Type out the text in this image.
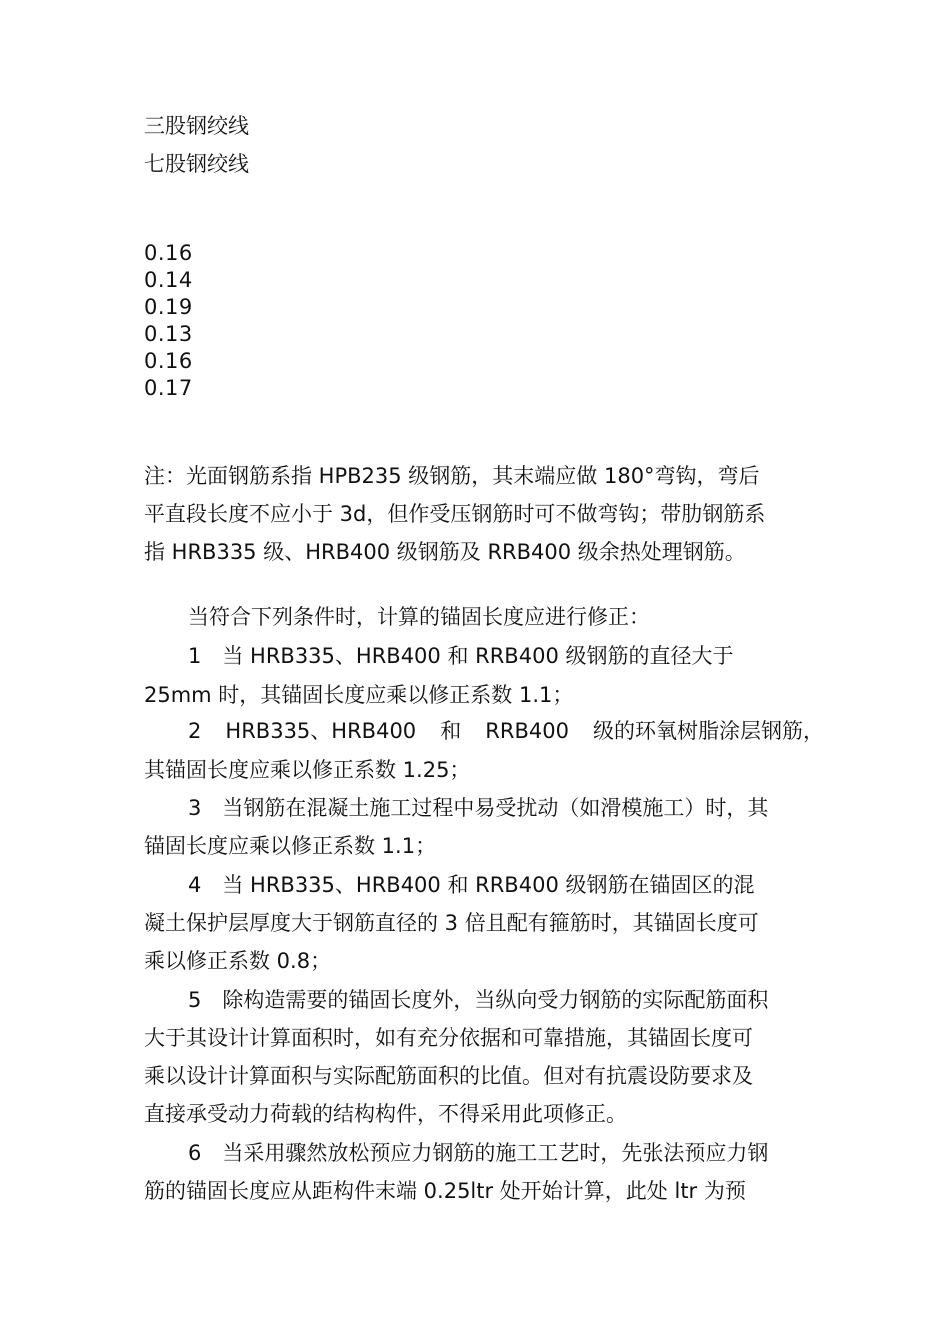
三股钢绞线
七股钢绞线
0.16
0.14
0.19
0.13
0.16
0.17
注：光面钢筋系指 HPB235 级钢筋，其末端应做 180°弯钩，弯后
平直段长度不应小于 3d，但作受压钢筋时可不做弯钩；带肋钢筋系
指 HRB335 级、HRB400 级钢筋及 RRB400 级余热处理钢筋。
当符合下列条件时，计算的锚固长度应进行修正：
1　当 HRB335、HRB400 和 RRB400 级钢筋的直径大于
25mm 时，其锚固长度应乘以修正系数 1.1；
2 HRB335、HRB400 和 RRB400 级的环氧树脂涂层钢筋，
其锚固长度应乘以修正系数 1.25；
3　当钢筋在混凝土施工过程中易受扰动（如滑模施工）时，其
锚固长度应乘以修正系数 1.1；
4　当 HRB335、HRB400 和 RRB400 级钢筋在锚固区的混
凝土保护层厚度大于钢筋直径的 3 倍且配有箍筋时，其锚固长度可
乘以修正系数 0.8；
5　除构造需要的锚固长度外，当纵向受力钢筋的实际配筋面积
大于其设计计算面积时，如有充分依据和可靠措施，其锚固长度可
乘以设计计算面积与实际配筋面积的比值。但对有抗震设防要求及
直接承受动力荷载的结构构件，不得采用此项修正。
6　当采用骤然放松预应力钢筋的施工工艺时，先张法预应力钢
筋的锚固长度应从距构件末端 0.25ltr 处开始计算，此处 ltr 为预
